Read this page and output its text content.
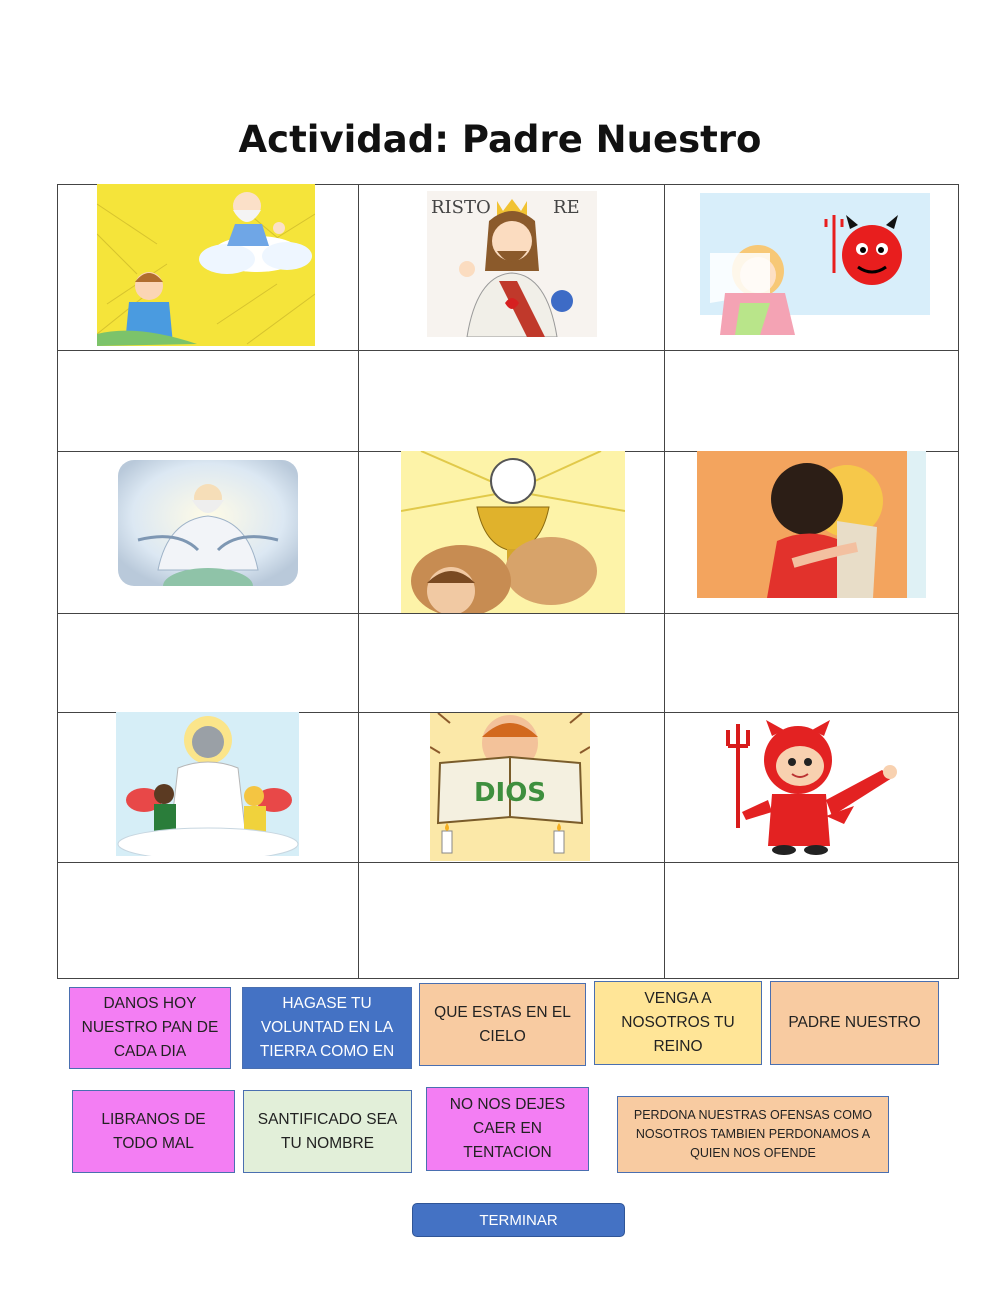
Actividad: Padre Nuestro
RISTO	RE
DIOS
DANOS HOY NUESTRO PAN DE CADA DIA
HAGASE TU VOLUNTAD EN LA TIERRA COMO EN
QUE ESTAS EN EL CIELO
VENGA A NOSOTROS TU REINO
PADRE NUESTRO
LIBRANOS DE TODO MAL
SANTIFICADO SEA TU NOMBRE
NO NOS DEJES CAER EN TENTACION
PERDONA NUESTRAS OFENSAS COMO NOSOTROS TAMBIEN PERDONAMOS A QUIEN NOS OFENDE
TERMINAR
